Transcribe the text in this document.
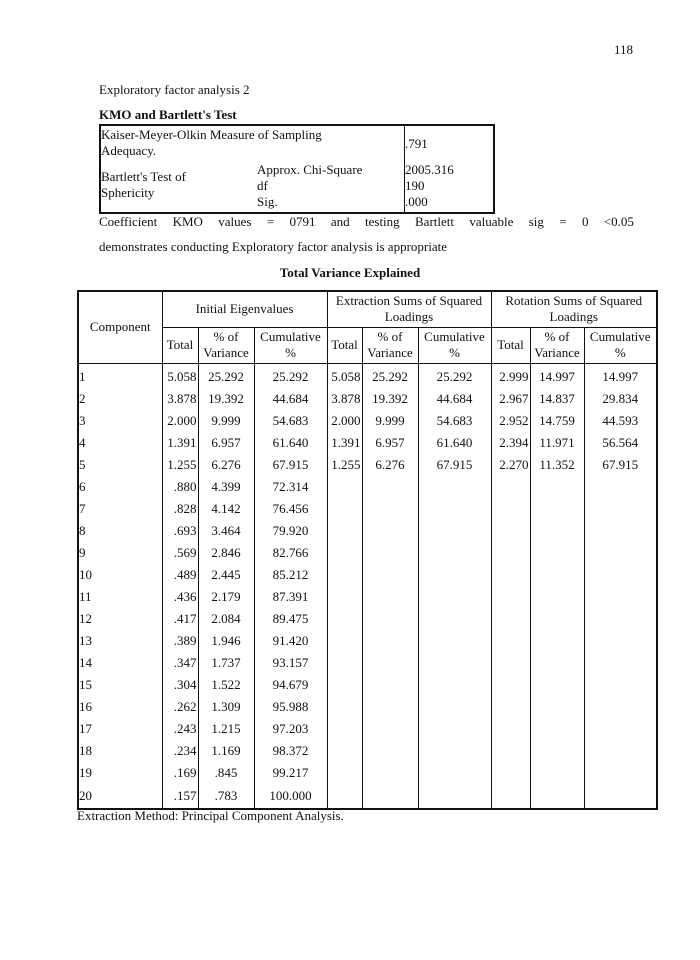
118
Exploratory factor analysis 2
KMO and Bartlett's Test
Kaiser-Meyer-Olkin Measure of Sampling Adequacy.	.791
Bartlett's Test of Sphericity
Approx. Chi-Square	2005.316
df	190
Sig.	.000
Coefficient KMO values = 0791 and testing Bartlett valuable sig = 0 <0.05
demonstrates conducting Exploratory factor analysis is appropriate
Total Variance Explained
Component	Initial Eigenvalues			Extraction Sums of Squared Loadings			Rotation Sums of Squared Loadings		
	Total	% of Variance	Cumulative %	Total	% of Variance	Cumulative %	Total	% of Variance	Cumulative %
1	5.058	25.292	25.292	5.058	25.292	25.292	2.999	14.997	14.997
2	3.878	19.392	44.684	3.878	19.392	44.684	2.967	14.837	29.834
3	2.000	9.999	54.683	2.000	9.999	54.683	2.952	14.759	44.593
4	1.391	6.957	61.640	1.391	6.957	61.640	2.394	11.971	56.564
5	1.255	6.276	67.915	1.255	6.276	67.915	2.270	11.352	67.915
6	.880	4.399	72.314						
7	.828	4.142	76.456						
8	.693	3.464	79.920						
9	.569	2.846	82.766						
10	.489	2.445	85.212						
11	.436	2.179	87.391						
12	.417	2.084	89.475						
13	.389	1.946	91.420						
14	.347	1.737	93.157						
15	.304	1.522	94.679						
16	.262	1.309	95.988						
17	.243	1.215	97.203						
18	.234	1.169	98.372						
19	.169	.845	99.217						
20	.157	.783	100.000						
Extraction Method: Principal Component Analysis.
